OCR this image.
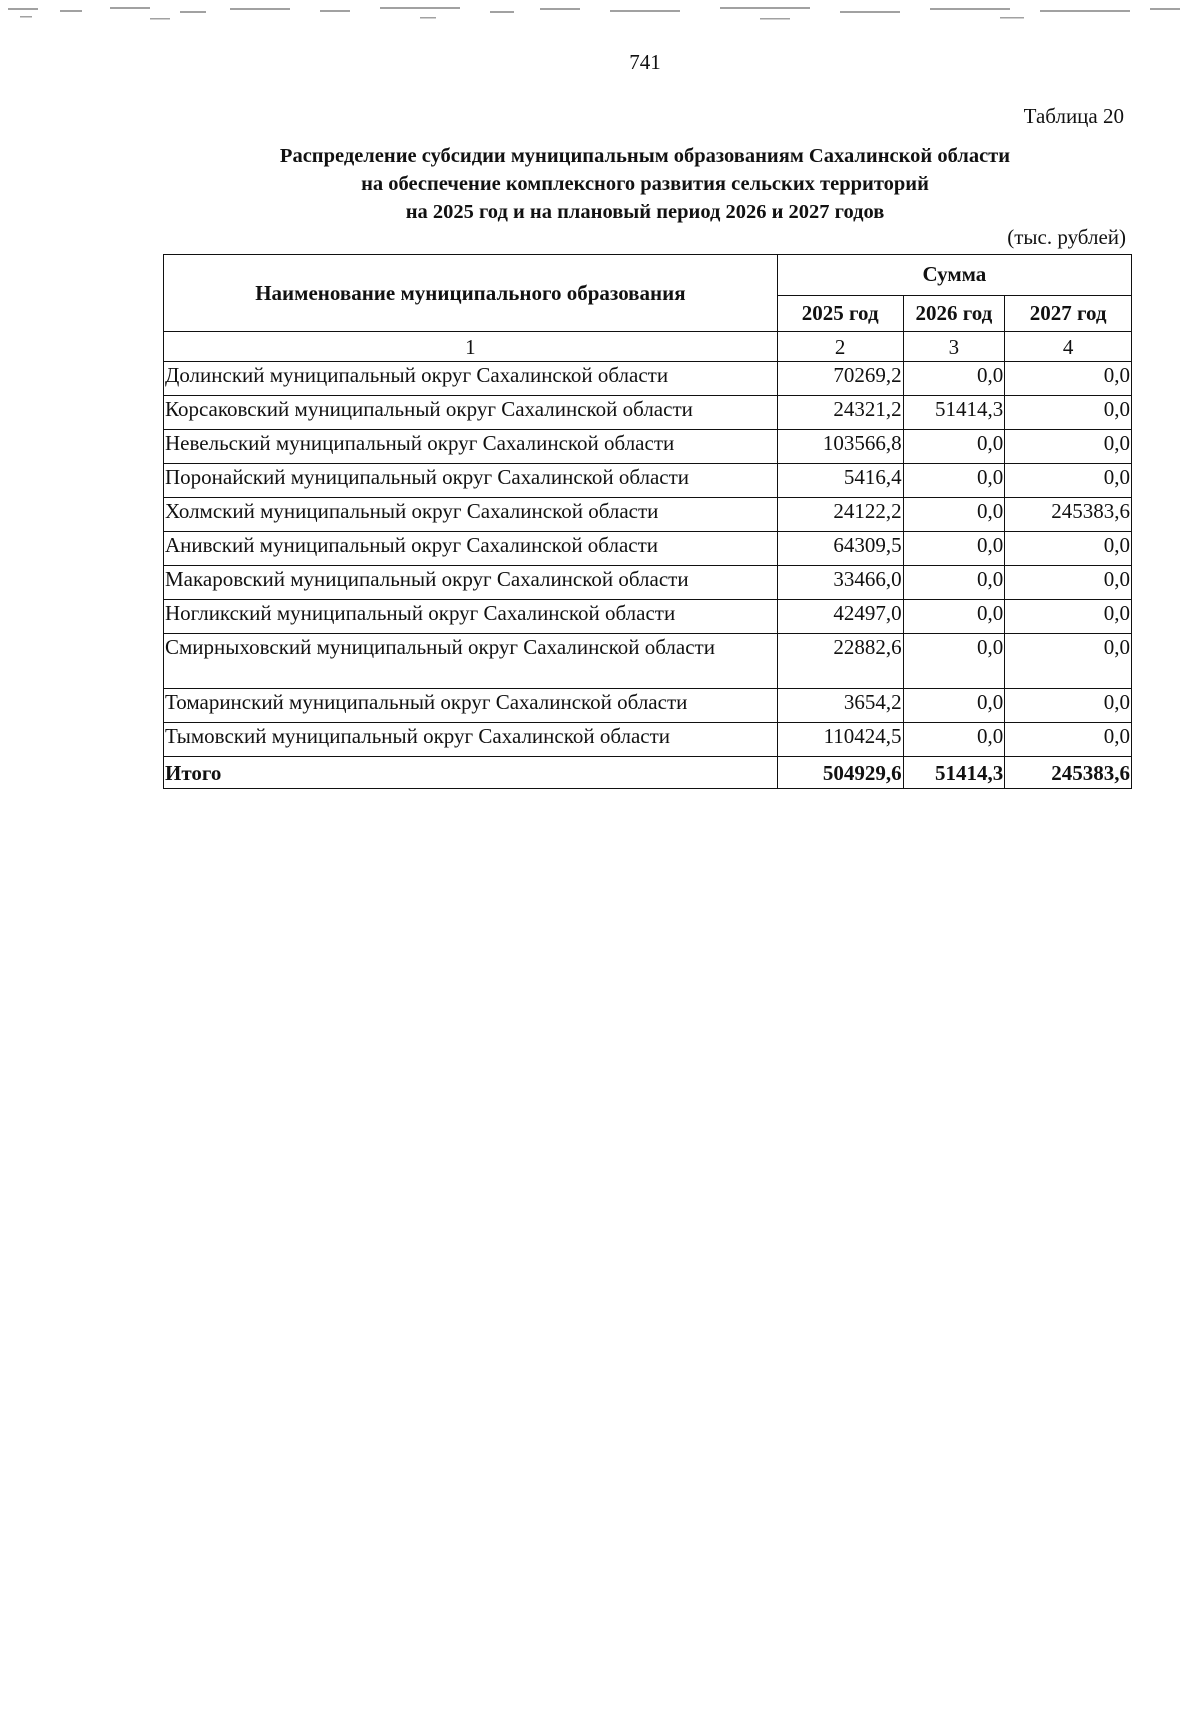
741
Таблица 20
Распределение субсидии муниципальным образованиям Сахалинской области
на обеспечение комплексного развития сельских территорий
на 2025 год и на плановый период 2026 и 2027 годов
(тыс. рублей)
Наименование муниципального образования	Сумма		
	2025 год	2026 год	2027 год
1	2	3	4
Долинский муниципальный округ Сахалинской области	70269,2	0,0	0,0
Корсаковский муниципальный округ Сахалинской области	24321,2	51414,3	0,0
Невельский муниципальный округ Сахалинской области	103566,8	0,0	0,0
Поронайский муниципальный округ Сахалинской области	5416,4	0,0	0,0
Холмский муниципальный округ Сахалинской области	24122,2	0,0	245383,6
Анивский муниципальный округ Сахалинской области	64309,5	0,0	0,0
Макаровский муниципальный округ Сахалинской области	33466,0	0,0	0,0
Ногликский муниципальный округ Сахалинской области	42497,0	0,0	0,0
Смирныховский муниципальный округ Сахалинской области	22882,6	0,0	0,0
Томаринский муниципальный округ Сахалинской области	3654,2	0,0	0,0
Тымовский муниципальный округ Сахалинской области	110424,5	0,0	0,0
Итого	504929,6	51414,3	245383,6
